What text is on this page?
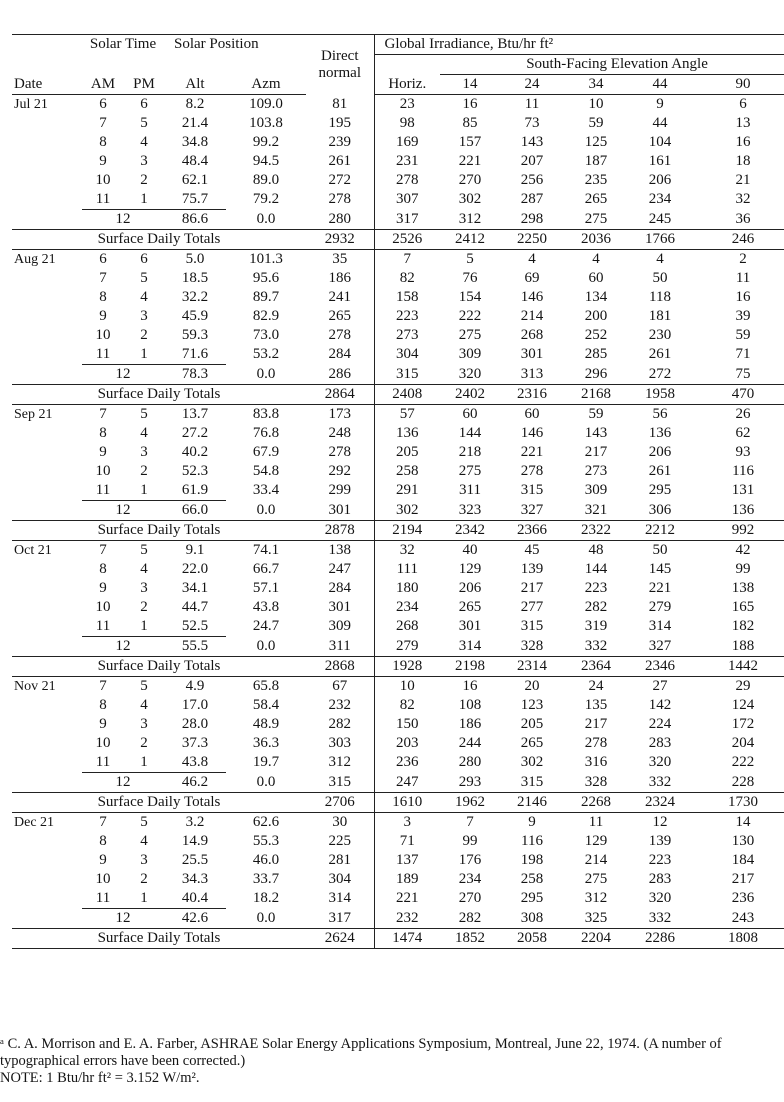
	Solar Time		Solar Position		Direct normal	Global Irradiance, Btu/hr ft²					
							South-Facing Elevation Angle				
Date	AM	PM	Alt	Azm		Horiz.	14	24	34	44	90
Jul 21	6	6	8.2	109.0	81	23	16	11	10	9	6
	7	5	21.4	103.8	195	98	85	73	59	44	13
	8	4	34.8	99.2	239	169	157	143	125	104	16
	9	3	48.4	94.5	261	231	221	207	187	161	18
	10	2	62.1	89.0	272	278	270	256	235	206	21
	11	1	75.7	79.2	278	307	302	287	265	234	32
	12		86.6	0.0	280	317	312	298	275	245	36
Surface Daily Totals					2932	2526	2412	2250	2036	1766	246
Aug 21	6	6	5.0	101.3	35	7	5	4	4	4	2
	7	5	18.5	95.6	186	82	76	69	60	50	11
	8	4	32.2	89.7	241	158	154	146	134	118	16
	9	3	45.9	82.9	265	223	222	214	200	181	39
	10	2	59.3	73.0	278	273	275	268	252	230	59
	11	1	71.6	53.2	284	304	309	301	285	261	71
	12		78.3	0.0	286	315	320	313	296	272	75
Surface Daily Totals					2864	2408	2402	2316	2168	1958	470
Sep 21	7	5	13.7	83.8	173	57	60	60	59	56	26
	8	4	27.2	76.8	248	136	144	146	143	136	62
	9	3	40.2	67.9	278	205	218	221	217	206	93
	10	2	52.3	54.8	292	258	275	278	273	261	116
	11	1	61.9	33.4	299	291	311	315	309	295	131
	12		66.0	0.0	301	302	323	327	321	306	136
Surface Daily Totals					2878	2194	2342	2366	2322	2212	992
Oct 21	7	5	9.1	74.1	138	32	40	45	48	50	42
	8	4	22.0	66.7	247	111	129	139	144	145	99
	9	3	34.1	57.1	284	180	206	217	223	221	138
	10	2	44.7	43.8	301	234	265	277	282	279	165
	11	1	52.5	24.7	309	268	301	315	319	314	182
	12		55.5	0.0	311	279	314	328	332	327	188
Surface Daily Totals					2868	1928	2198	2314	2364	2346	1442
Nov 21	7	5	4.9	65.8	67	10	16	20	24	27	29
	8	4	17.0	58.4	232	82	108	123	135	142	124
	9	3	28.0	48.9	282	150	186	205	217	224	172
	10	2	37.3	36.3	303	203	244	265	278	283	204
	11	1	43.8	19.7	312	236	280	302	316	320	222
	12		46.2	0.0	315	247	293	315	328	332	228
Surface Daily Totals					2706	1610	1962	2146	2268	2324	1730
Dec 21	7	5	3.2	62.6	30	3	7	9	11	12	14
	8	4	14.9	55.3	225	71	99	116	129	139	130
	9	3	25.5	46.0	281	137	176	198	214	223	184
	10	2	34.3	33.7	304	189	234	258	275	283	217
	11	1	40.4	18.2	314	221	270	295	312	320	236
	12		42.6	0.0	317	232	282	308	325	332	243
Surface Daily Totals					2624	1474	1852	2058	2204	2286	1808

ᵃ C. A. Morrison and E. A. Farber, ASHRAE Solar Energy Applications Symposium, Montreal, June 22, 1974. (A number of typographical errors have been corrected.)

NOTE: 1 Btu/hr ft² = 3.152 W/m².
